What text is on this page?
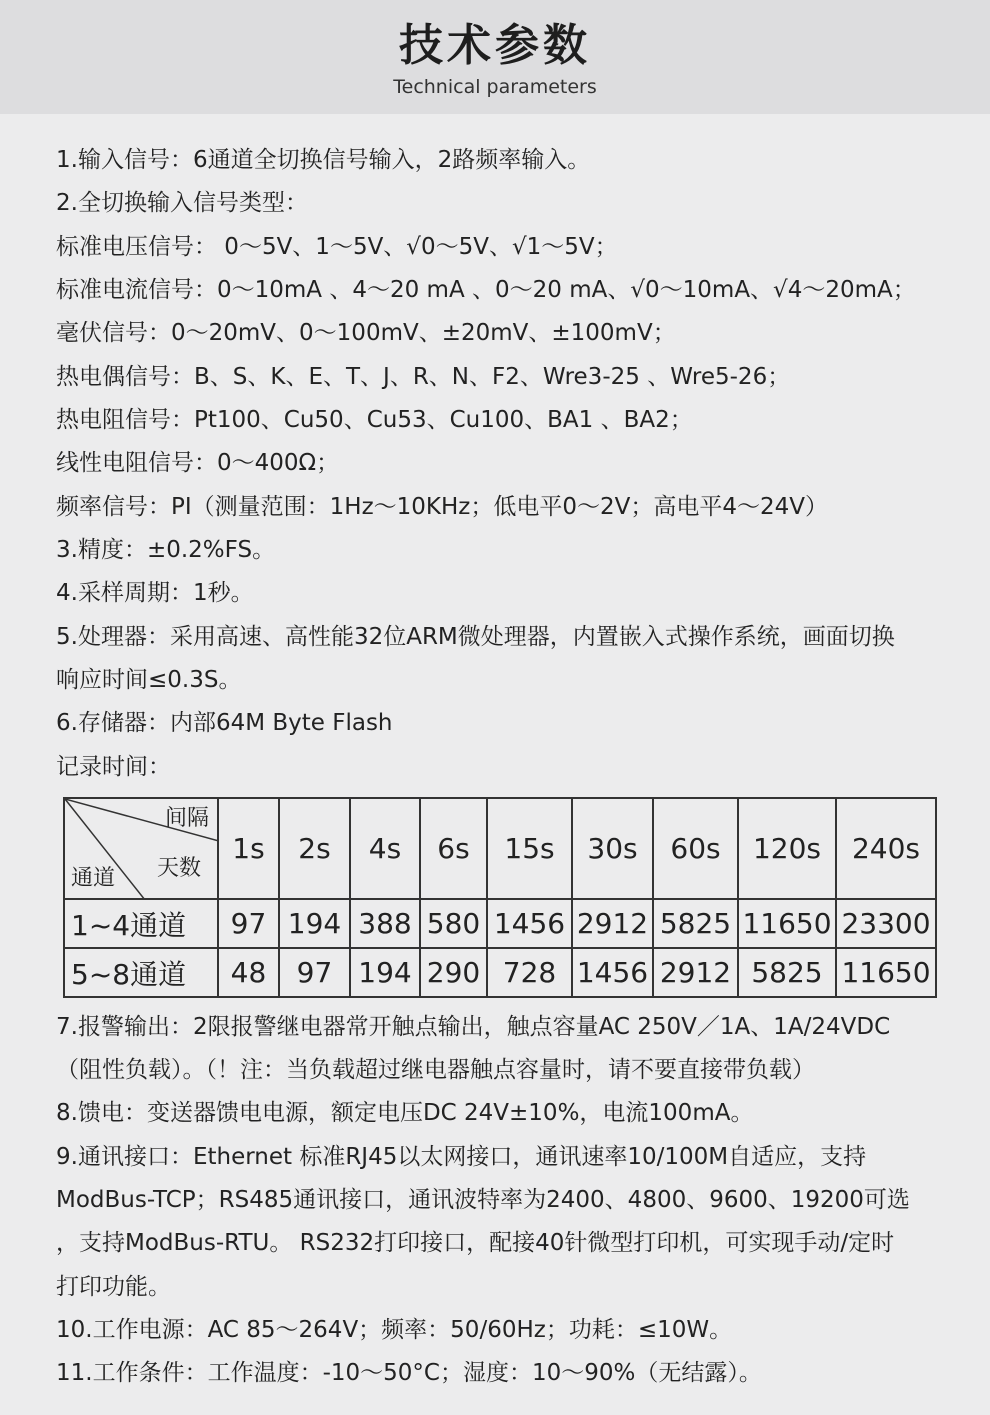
技术参数
Technical parameters
1.输入信号：6通道全切换信号输入，2路频率输入。
2.全切换输入信号类型：
标准电压信号： 0～5V、1～5V、√0～5V、√1～5V；
标准电流信号：0～10mA 、4～20 mA 、0～20 mA、√0～10mA、√4～20mA；
毫伏信号：0～20mV、0～100mV、±20mV、±100mV；
热电偶信号：B、S、K、E、T、J、R、N、F2、Wre3-25 、Wre5-26；
热电阻信号：Pt100、Cu50、Cu53、Cu100、BA1 、BA2；
线性电阻信号：0～400Ω；
频率信号：PI（测量范围：1Hz～10KHz；低电平0～2V；高电平4～24V）
3.精度：±0.2%FS。
4.采样周期：1秒。
5.处理器：采用高速、高性能32位ARM微处理器，内置嵌入式操作系统，画面切换
响应时间≤0.3S。
6.存储器：内部64M Byte Flash
记录时间：
间隔
天数
通道	1s	2s	4s	6s	15s	30s	60s	120s	240s
1~4通道	97	194	388	580	1456	2912	5825	11650	23300
5~8通道	48	97	194	290	728	1456	2912	5825	11650
7.报警输出：2限报警继电器常开触点输出，触点容量AC 250V／1A、1A/24VDC
（阻性负载）。（！注：当负载超过继电器触点容量时，请不要直接带负载）
8.馈电：变送器馈电电源，额定电压DC 24V±10%，电流100mA。
9.通讯接口：Ethernet 标准RJ45以太网接口，通讯速率10/100M自适应，支持
ModBus-TCP；RS485通讯接口，通讯波特率为2400、4800、9600、19200可选
，支持ModBus-RTU。 RS232打印接口，配接40针微型打印机，可实现手动/定时
打印功能。
10.工作电源：AC 85～264V；频率：50/60Hz；功耗：≤10W。
11.工作条件：工作温度：-10～50°C；湿度：10～90%（无结露）。
